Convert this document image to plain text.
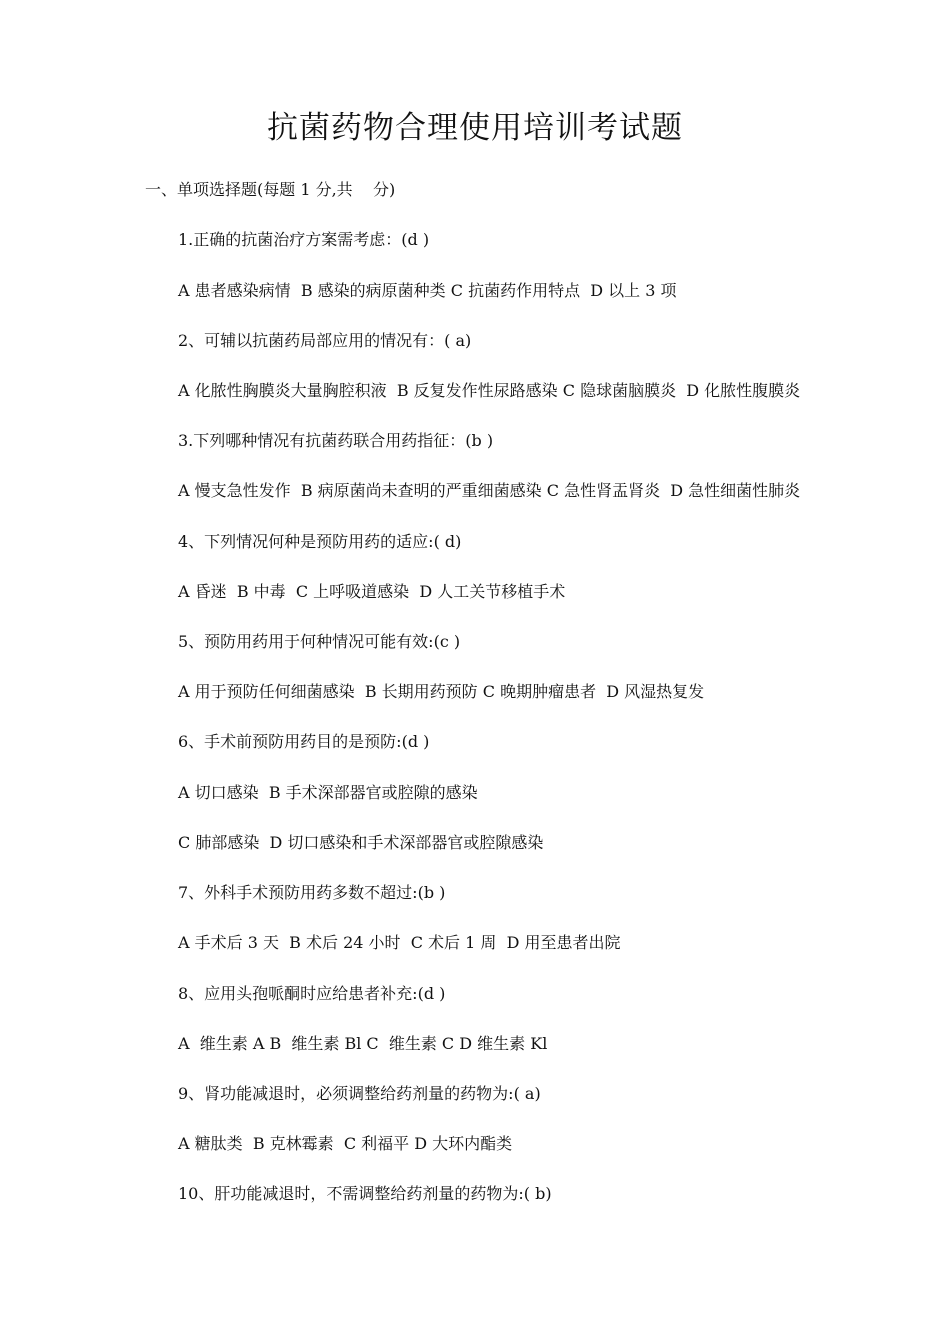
抗菌药物合理使用培训考试题
一、单项选择题(每题 1 分,共    分)
1.正确的抗菌治疗方案需考虑：(d )
A 患者感染病情  B 感染的病原菌种类 C 抗菌药作用特点  D 以上 3 项
2、可辅以抗菌药局部应用的情况有：( a)
A 化脓性胸膜炎大量胸腔积液  B 反复发作性尿路感染 C 隐球菌脑膜炎  D 化脓性腹膜炎
3.下列哪种情况有抗菌药联合用药指征：(b )
A 慢支急性发作  B 病原菌尚未查明的严重细菌感染 C 急性肾盂肾炎  D 急性细菌性肺炎
4、下列情况何种是预防用药的适应:( d)
A 昏迷  B 中毒  C 上呼吸道感染  D 人工关节移植手术
5、预防用药用于何种情况可能有效:(c )
A 用于预防任何细菌感染  B 长期用药预防 C 晚期肿瘤患者  D 风湿热复发
6、手术前预防用药目的是预防:(d )
A 切口感染  B 手术深部器官或腔隙的感染
C 肺部感染  D 切口感染和手术深部器官或腔隙感染
7、外科手术预防用药多数不超过:(b )
A 手术后 3 天  B 术后 24 小时  C 术后 1 周  D 用至患者出院
8、应用头孢哌酮时应给患者补充:(d )
A  维生素 A B  维生素 Bl C  维生素 C D 维生素 Kl
9、肾功能减退时，必须调整给药剂量的药物为:( a)
A 糖肽类  B 克林霉素  C 利福平 D 大环内酯类
10、肝功能减退时，不需调整给药剂量的药物为:( b)
